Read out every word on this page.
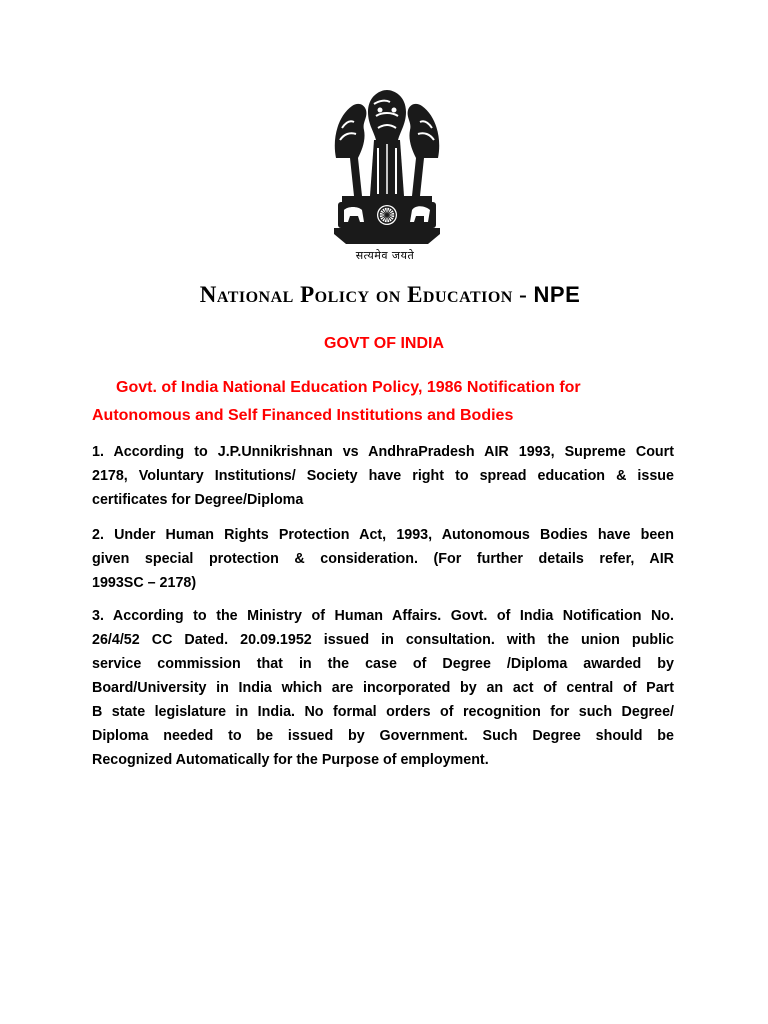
सत्यमेव जयते
National Policy on Education - NPE
GOVT OF INDIA
Govt. of India National Education Policy, 1986 Notification for
Autonomous and Self Financed Institutions and Bodies
1. According to J.P.Unnikrishnan vs AndhraPradesh AIR 1993, Supreme Court
2178, Voluntary Institutions/ Society have right to spread education & issue
certificates for Degree/Diploma
2. Under Human Rights Protection Act, 1993, Autonomous Bodies have been
given special protection & consideration. (For further details refer, AIR
1993SC – 2178)
3. According to the Ministry of Human Affairs. Govt. of India Notification No.
26/4/52 CC Dated. 20.09.1952 issued in consultation. with the union public
service commission that in the case of Degree /Diploma awarded by
Board/University in India which are incorporated by an act of central of Part
B state legislature in India. No formal orders of recognition for such Degree/
Diploma needed to be issued by Government. Such Degree should be
Recognized Automatically for the Purpose of employment.
